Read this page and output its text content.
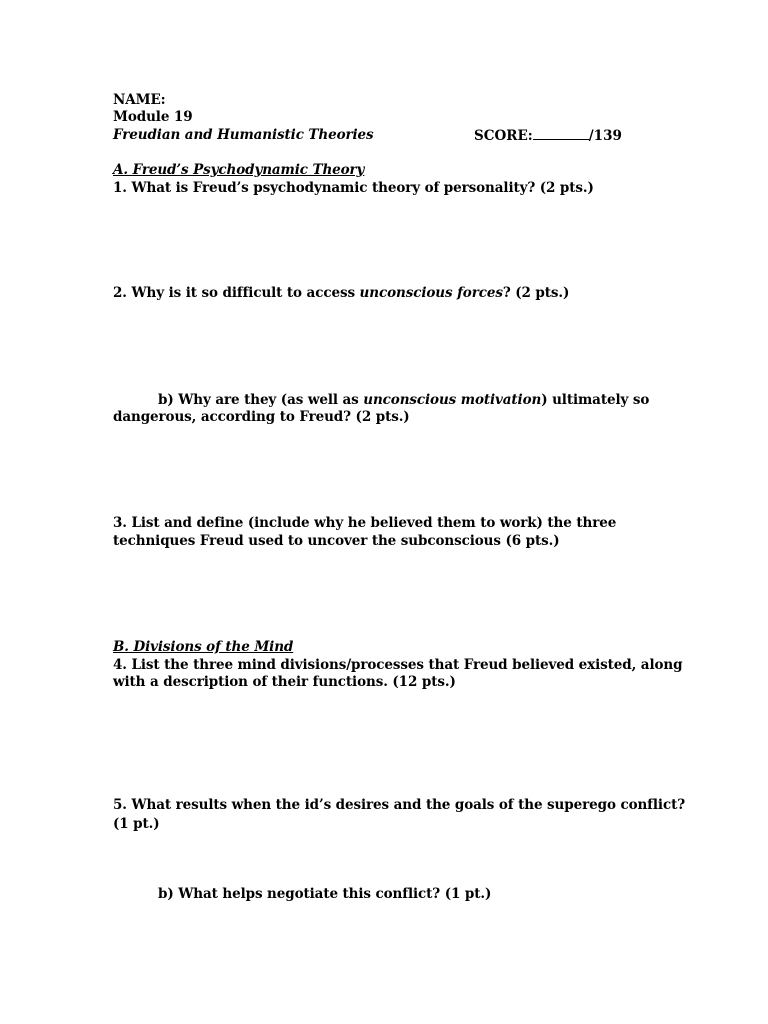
NAME:
Module 19
Freudian and Humanistic Theories	SCORE:	/139
A. Freud’s Psychodynamic Theory
1. What is Freud’s psychodynamic theory of personality? (2 pts.)
2. Why is it so difficult to access unconscious forces? (2 pts.)
b) Why are they (as well as unconscious motivation) ultimately so
dangerous, according to Freud? (2 pts.)
3. List and define (include why he believed them to work) the three
techniques Freud used to uncover the subconscious (6 pts.)
B. Divisions of the Mind
4. List the three mind divisions/processes that Freud believed existed, along
with a description of their functions. (12 pts.)
5. What results when the id’s desires and the goals of the superego conflict?
(1 pt.)
b) What helps negotiate this conflict? (1 pt.)
